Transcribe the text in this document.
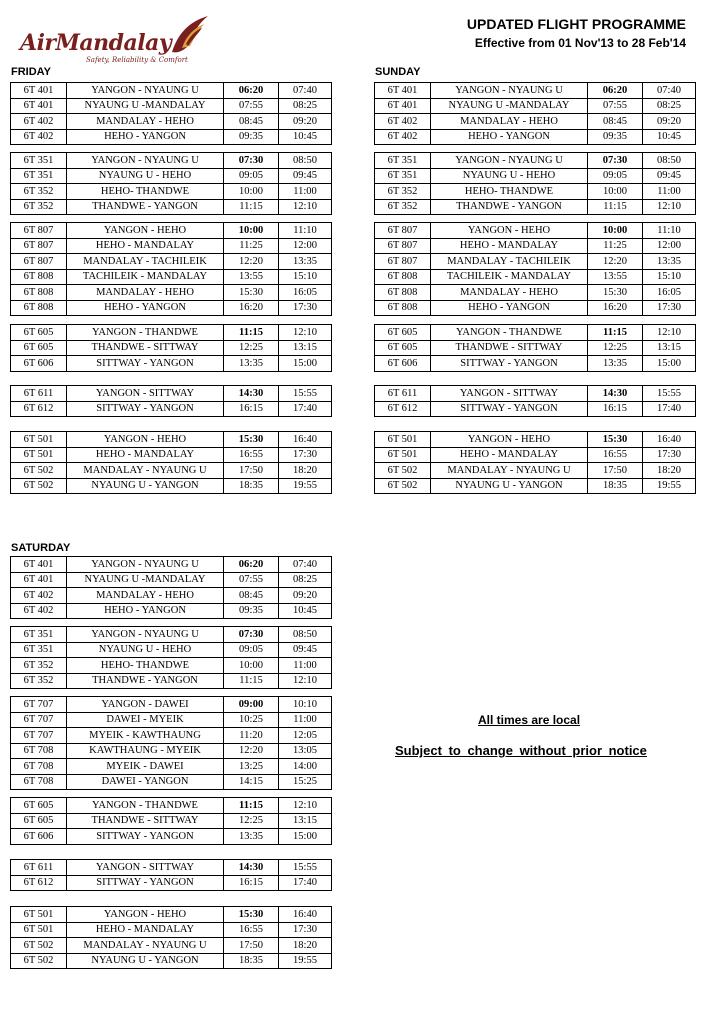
AirMandalay
Safety, Reliability & Comfort
UPDATED FLIGHT PROGRAMME
Effective from 01 Nov'13 to 28 Feb'14
FRIDAY	SUNDAY
SATURDAY
6T 401	YANGON - NYAUNG U	06:20	07:40
6T 401	NYAUNG U -MANDALAY	07:55	08:25
6T 402	MANDALAY - HEHO	08:45	09:20
6T 402	HEHO - YANGON	09:35	10:45
6T 351	YANGON - NYAUNG U	07:30	08:50
6T 351	NYAUNG U - HEHO	09:05	09:45
6T 352	HEHO- THANDWE	10:00	11:00
6T 352	THANDWE - YANGON	11:15	12:10
6T 807	YANGON - HEHO	10:00	11:10
6T 807	HEHO - MANDALAY	11:25	12:00
6T 807	MANDALAY - TACHILEIK	12:20	13:35
6T 808	TACHILEIK - MANDALAY	13:55	15:10
6T 808	MANDALAY - HEHO	15:30	16:05
6T 808	HEHO - YANGON	16:20	17:30
6T 605	YANGON - THANDWE	11:15	12:10
6T 605	THANDWE - SITTWAY	12:25	13:15
6T 606	SITTWAY - YANGON	13:35	15:00
6T 611	YANGON - SITTWAY	14:30	15:55
6T 612	SITTWAY - YANGON	16:15	17:40
6T 501	YANGON - HEHO	15:30	16:40
6T 501	HEHO - MANDALAY	16:55	17:30
6T 502	MANDALAY - NYAUNG U	17:50	18:20
6T 502	NYAUNG U - YANGON	18:35	19:55
6T 401	YANGON - NYAUNG U	06:20	07:40
6T 401	NYAUNG U -MANDALAY	07:55	08:25
6T 402	MANDALAY - HEHO	08:45	09:20
6T 402	HEHO - YANGON	09:35	10:45
6T 351	YANGON - NYAUNG U	07:30	08:50
6T 351	NYAUNG U - HEHO	09:05	09:45
6T 352	HEHO- THANDWE	10:00	11:00
6T 352	THANDWE - YANGON	11:15	12:10
6T 807	YANGON - HEHO	10:00	11:10
6T 807	HEHO - MANDALAY	11:25	12:00
6T 807	MANDALAY - TACHILEIK	12:20	13:35
6T 808	TACHILEIK - MANDALAY	13:55	15:10
6T 808	MANDALAY - HEHO	15:30	16:05
6T 808	HEHO - YANGON	16:20	17:30
6T 605	YANGON - THANDWE	11:15	12:10
6T 605	THANDWE - SITTWAY	12:25	13:15
6T 606	SITTWAY - YANGON	13:35	15:00
6T 611	YANGON - SITTWAY	14:30	15:55
6T 612	SITTWAY - YANGON	16:15	17:40
6T 501	YANGON - HEHO	15:30	16:40
6T 501	HEHO - MANDALAY	16:55	17:30
6T 502	MANDALAY - NYAUNG U	17:50	18:20
6T 502	NYAUNG U - YANGON	18:35	19:55
6T 401	YANGON - NYAUNG U	06:20	07:40
6T 401	NYAUNG U -MANDALAY	07:55	08:25
6T 402	MANDALAY - HEHO	08:45	09:20
6T 402	HEHO - YANGON	09:35	10:45
6T 351	YANGON - NYAUNG U	07:30	08:50
6T 351	NYAUNG U - HEHO	09:05	09:45
6T 352	HEHO- THANDWE	10:00	11:00
6T 352	THANDWE - YANGON	11:15	12:10
6T 707	YANGON - DAWEI	09:00	10:10
6T 707	DAWEI - MYEIK	10:25	11:00
6T 707	MYEIK - KAWTHAUNG	11:20	12:05
6T 708	KAWTHAUNG - MYEIK	12:20	13:05
6T 708	MYEIK - DAWEI	13:25	14:00
6T 708	DAWEI - YANGON	14:15	15:25
6T 605	YANGON - THANDWE	11:15	12:10
6T 605	THANDWE - SITTWAY	12:25	13:15
6T 606	SITTWAY - YANGON	13:35	15:00
6T 611	YANGON - SITTWAY	14:30	15:55
6T 612	SITTWAY - YANGON	16:15	17:40
6T 501	YANGON - HEHO	15:30	16:40
6T 501	HEHO - MANDALAY	16:55	17:30
6T 502	MANDALAY - NYAUNG U	17:50	18:20
6T 502	NYAUNG U - YANGON	18:35	19:55
All times are local
Subject to change without prior notice
